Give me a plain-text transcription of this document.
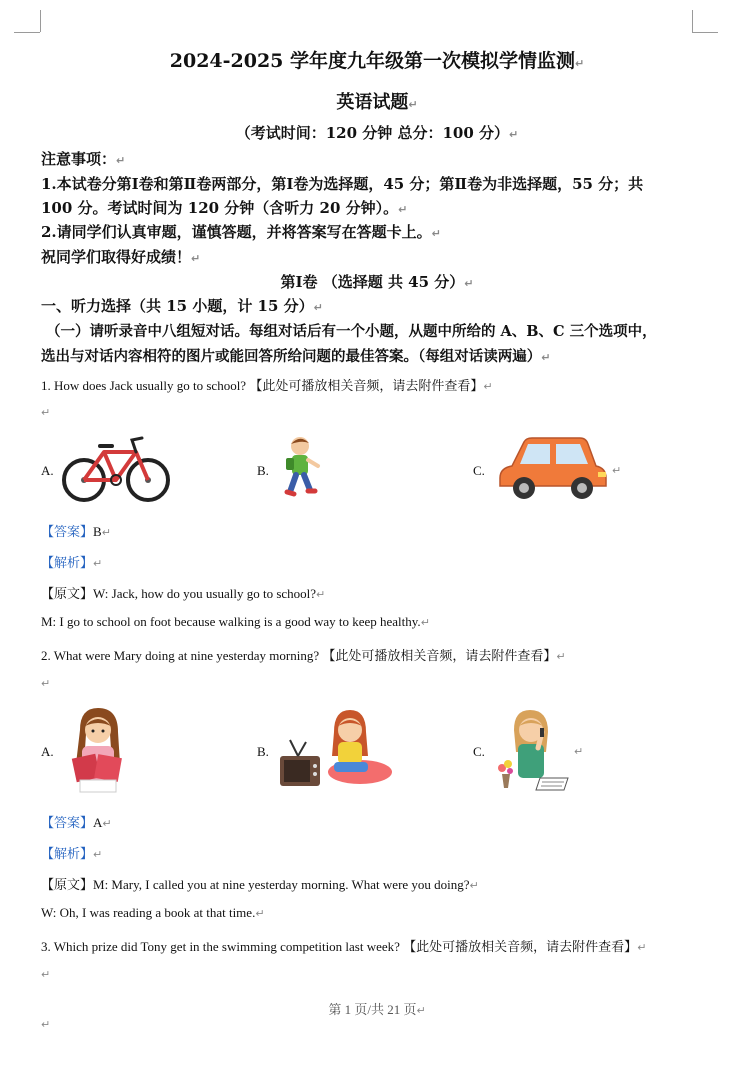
2024-2025 学年度九年级第一次模拟学情监测↵
英语试题↵
（考试时间：120 分钟 总分：100 分）↵
注意事项：↵
1.本试卷分第Ⅰ卷和第Ⅱ卷两部分，第Ⅰ卷为选择题，45 分；第Ⅱ卷为非选择题，55 分；共
100 分。考试时间为 120 分钟（含听力 20 分钟）。↵
2.请同学们认真审题，谨慎答题，并将答案写在答题卡上。↵
祝同学们取得好成绩！↵
第Ⅰ卷 （选择题 共 45 分）↵
一、听力选择（共 15 小题，计 15 分）↵
（一）请听录音中八组短对话。每组对话后有一个小题，从题中所给的 A、B、C 三个选项中，
选出与对话内容相符的图片或能回答所给问题的最佳答案。（每组对话读两遍）↵
1. How does Jack usually go to school? 【此处可播放相关音频，请去附件查看】↵
↵
A.	B.	C.	↵
【答案】B↵
【解析】↵
【原文】W: Jack, how do you usually go to school?↵
M: I go to school on foot because walking is a good way to keep healthy.↵
2. What were Mary doing at nine yesterday morning? 【此处可播放相关音频，请去附件查看】↵
↵
A.	B.	C.	↵
【答案】A↵
【解析】↵
【原文】M: Mary, I called you at nine yesterday morning. What were you doing?↵
W: Oh, I was reading a book at that time.↵
3. Which prize did Tony get in the swimming competition last week? 【此处可播放相关音频，请去附件查看】↵
↵
第 1 页/共 21 页↵
↵
